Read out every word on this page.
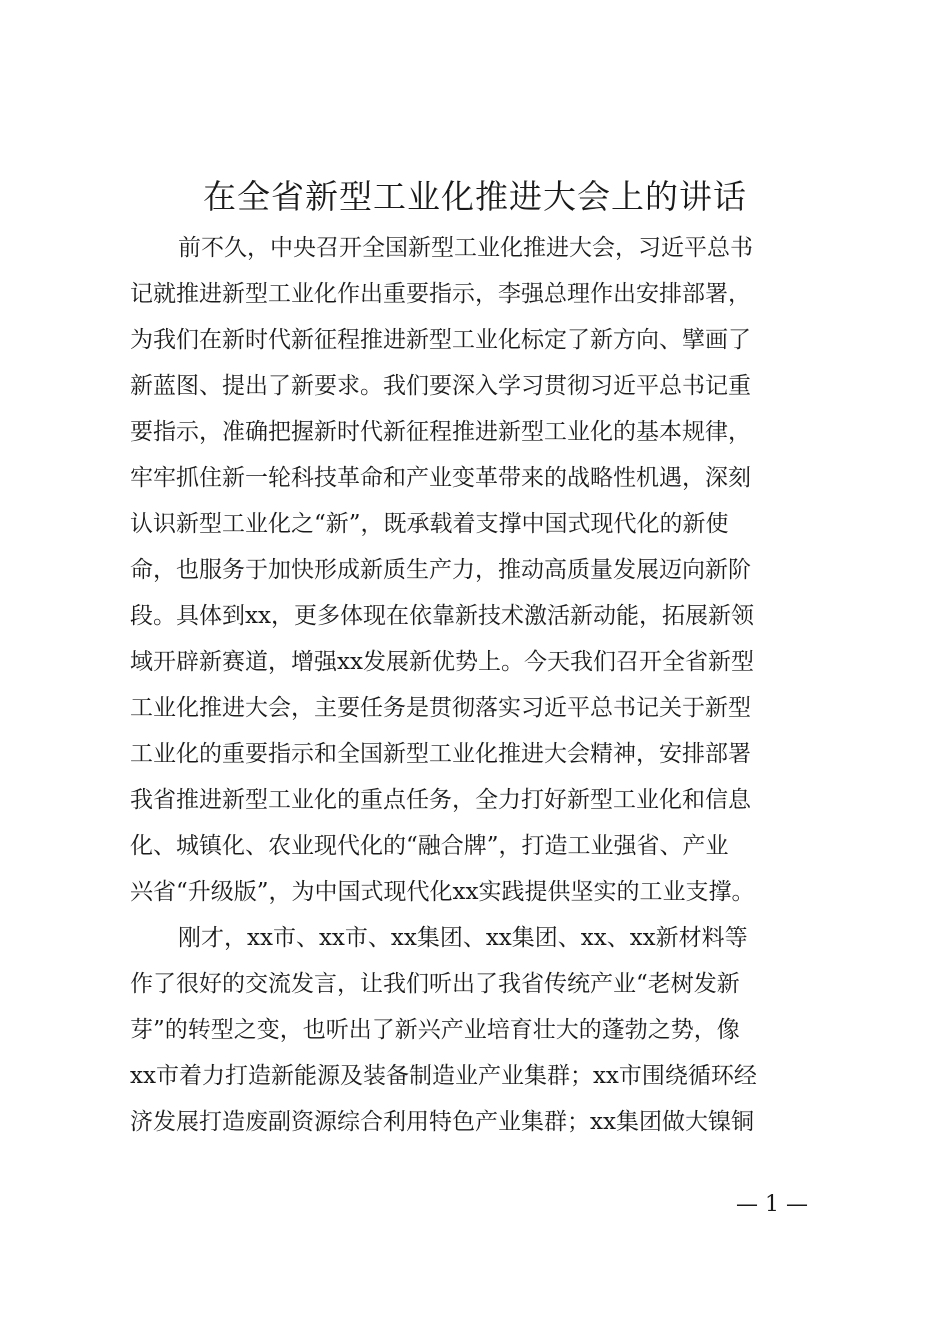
在全省新型工业化推进大会上的讲话
前不久，中央召开全国新型工业化推进大会，习近平总书
记就推进新型工业化作出重要指示，李强总理作出安排部署，
为我们在新时代新征程推进新型工业化标定了新方向、擘画了
新蓝图、提出了新要求。我们要深入学习贯彻习近平总书记重
要指示，准确把握新时代新征程推进新型工业化的基本规律，
牢牢抓住新一轮科技革命和产业变革带来的战略性机遇，深刻
认识新型工业化之“新”，既承载着支撑中国式现代化的新使
命，也服务于加快形成新质生产力，推动高质量发展迈向新阶
段。具体到xx，更多体现在依靠新技术激活新动能，拓展新领
域开辟新赛道，增强xx发展新优势上。今天我们召开全省新型
工业化推进大会，主要任务是贯彻落实习近平总书记关于新型
工业化的重要指示和全国新型工业化推进大会精神，安排部署
我省推进新型工业化的重点任务，全力打好新型工业化和信息
化、城镇化、农业现代化的“融合牌”，打造工业强省、产业
兴省“升级版”，为中国式现代化xx实践提供坚实的工业支撑。
刚才，xx市、xx市、xx集团、xx集团、xx、xx新材料等
作了很好的交流发言，让我们听出了我省传统产业“老树发新
芽”的转型之变，也听出了新兴产业培育壮大的蓬勃之势，像
xx市着力打造新能源及装备制造业产业集群；xx市围绕循环经
济发展打造废副资源综合利用特色产业集群；xx集团做大镍铜
— 1 —
